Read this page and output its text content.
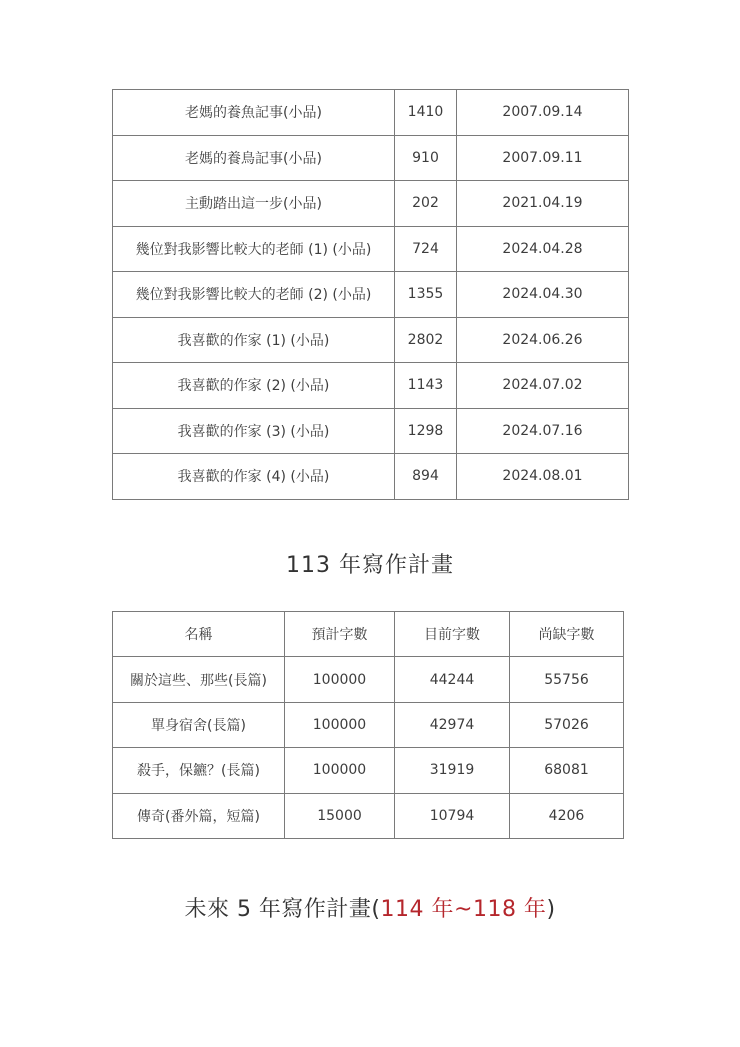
老媽的養魚記事(小品)	1410	2007.09.14
老媽的養鳥記事(小品)	910	2007.09.11
主動踏出這一步(小品)	202	2021.04.19
幾位對我影響比較大的老師 (1) (小品)	724	2024.04.28
幾位對我影響比較大的老師 (2) (小品)	1355	2024.04.30
我喜歡的作家 (1) (小品)	2802	2024.06.26
我喜歡的作家 (2) (小品)	1143	2024.07.02
我喜歡的作家 (3) (小品)	1298	2024.07.16
我喜歡的作家 (4) (小品)	894	2024.08.01
113 年寫作計畫
名稱	預計字數	目前字數	尚缺字數
關於這些、那些(長篇)	100000	44244	55756
單身宿舍(長篇)	100000	42974	57026
殺手，保鑣？(長篇)	100000	31919	68081
傳奇(番外篇，短篇)	15000	10794	4206
未來 5 年寫作計畫(114 年~118 年)
